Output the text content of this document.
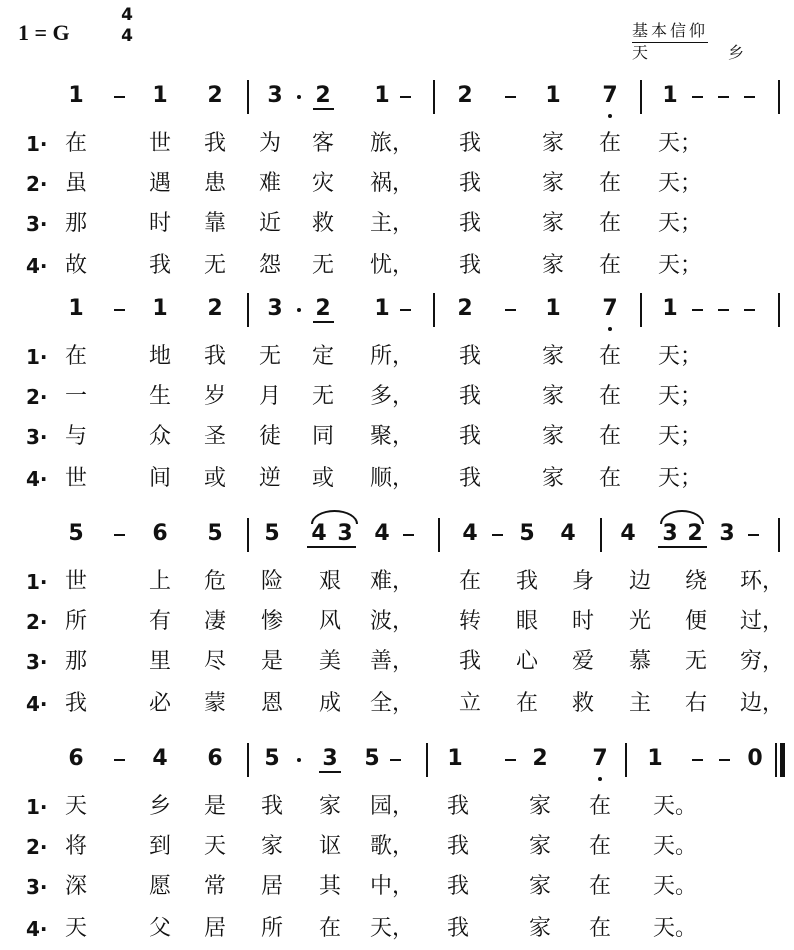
1 = G
4
4	基本信仰
天	乡
1	1 2 3 2 1	2	1 7 1
1· 在	世 我 为 客 旅， 我	家 在 天；
2· 虽	遇 患 难 灾 祸， 我	家 在 天；
3· 那	时 靠 近 救 主， 我	家 在 天；
4· 故	我 无 怨 无 忧， 我	家 在 天；
1	1 2 3 2 1	2	1 7 1
1· 在	地 我 无 定 所， 我	家 在 天；
2· 一	生 岁 月 无 多， 我	家 在 天；
3· 与	众 圣 徒 同 聚， 我	家 在 天；
4· 世	间 或 逆 或 顺， 我	家 在 天；
5	6 5 5 4 3 4	4 5 4 4 3 2 3
1· 世	上 危 险 艰 难， 在 我 身 边 绕 环，
2· 所	有 凄 惨 风 波， 转 眼 时 光 便 过，
3· 那	里 尽 是 美 善， 我 心 爱 慕 无 穷，
4· 我	必 蒙 恩 成 全， 立 在 救 主 右 边，
6	4 6 5 3 5	1	2 7 1	0
1· 天	乡 是 我 家 园， 我	家 在 天。
2· 将	到 天 家 讴 歌， 我	家 在 天。
3· 深	愿 常 居 其 中， 我	家 在 天。
4· 天	父 居 所 在 天， 我	家 在 天。
